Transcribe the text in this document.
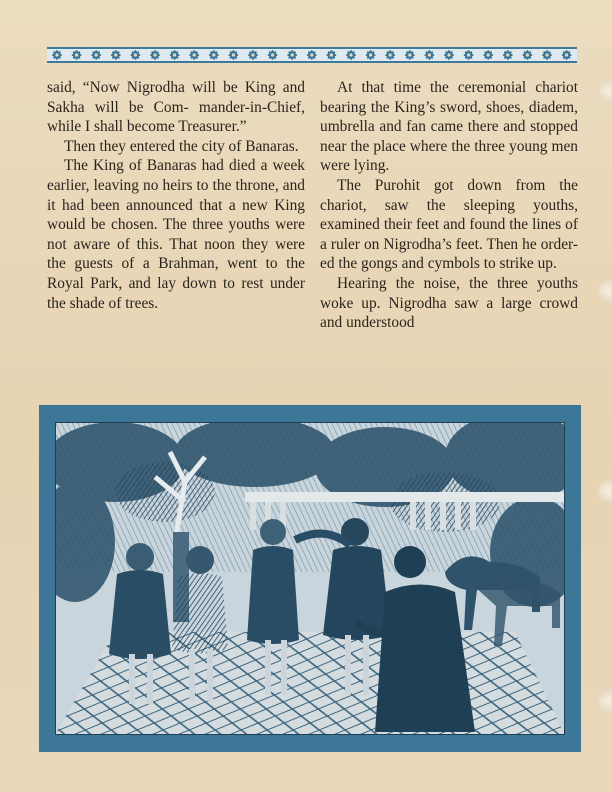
said, “Now Nigrodha will be King and Sakha will be Com- mander-in-Chief, while I shall become Treasurer.”

Then they entered the city of Banaras.

The King of Banaras had died a week earlier, leaving no heirs to the throne, and it had been announced that a new King would be chosen. The three youths were not aware of this. That noon they were the guests of a Brahman, went to the Royal Park, and lay down to rest under the shade of trees.

At that time the ceremonial chariot bearing the King’s sword, shoes, diadem, umbrella and fan came there and stopped near the place where the three young men were lying.

The Purohit got down from the chariot, saw the sleeping youths, examined their feet and found the lines of a ruler on Nigrodha’s feet. Then he order- ed the gongs and cymbols to strike up.

Hearing the noise, the three youths woke up. Nigrodha saw a large crowd and understood
